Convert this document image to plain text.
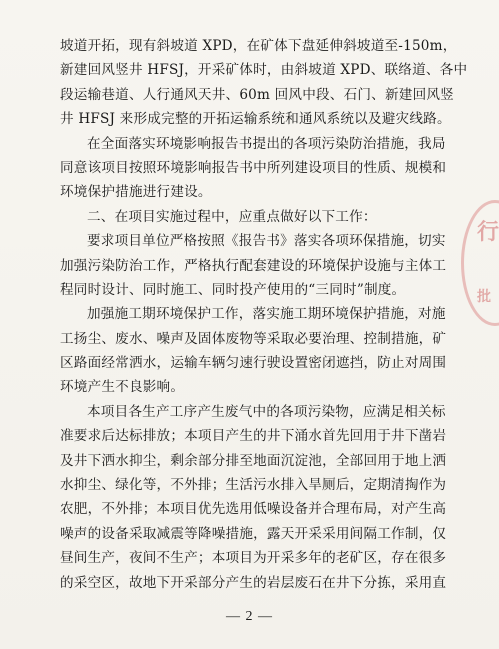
行
批
坡道开拓，现有斜坡道 XPD，在矿体下盘延伸斜坡道至-150m，
新建回风竖井 HFSJ，开采矿体时，由斜坡道 XPD、联络道、各中
段运输巷道、人行通风天井、60m 回风中段、石门、新建回风竖
井 HFSJ 来形成完整的开拓运输系统和通风系统以及避灾线路。
在全面落实环境影响报告书提出的各项污染防治措施，我局
同意该项目按照环境影响报告书中所列建设项目的性质、规模和
环境保护措施进行建设。
二、在项目实施过程中，应重点做好以下工作：
要求项目单位严格按照《报告书》落实各项环保措施，切实
加强污染防治工作，严格执行配套建设的环境保护设施与主体工
程同时设计、同时施工、同时投产使用的“三同时”制度。
加强施工期环境保护工作，落实施工期环境保护措施，对施
工扬尘、废水、噪声及固体废物等采取必要治理、控制措施，矿
区路面经常洒水，运输车辆匀速行驶设置密闭遮挡，防止对周围
环境产生不良影响。
本项目各生产工序产生废气中的各项污染物，应满足相关标
准要求后达标排放；本项目产生的井下涌水首先回用于井下凿岩
及井下洒水抑尘，剩余部分排至地面沉淀池，全部回用于地上洒
水抑尘、绿化等，不外排；生活污水排入旱厕后，定期清掏作为
农肥，不外排；本项目优先选用低噪设备并合理布局，对产生高
噪声的设备采取减震等降噪措施，露天开采采用间隔工作制，仅
昼间生产，夜间不生产；本项目为开采多年的老矿区，存在很多
的采空区，故地下开采部分产生的岩层废石在井下分拣，采用直
— 2 —
